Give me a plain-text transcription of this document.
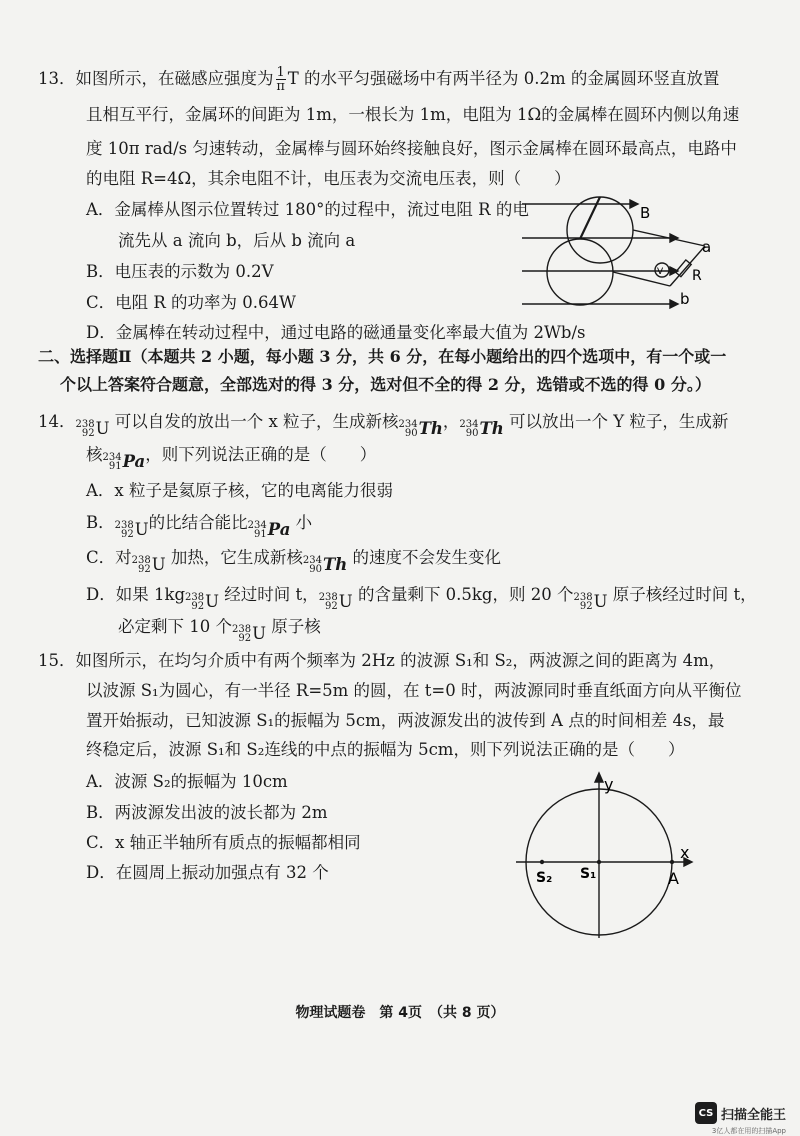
13．如图所示，在磁感应强度为 $\frac{1}{\pi}$ T 的水平匀强磁场中有两半径为 0.2m 的金属圆环竖直放置
且相互平行，金属环的间距为 1m，一根长为 1m，电阻为 1Ω的金属棒在圆环内侧以角速
度 10π rad/s 匀速转动，金属棒与圆环始终接触良好，图示金属棒在圆环最高点，电路中
的电阻 R=4Ω，其余电阻不计，电压表为交流电压表，则（　　）
A．金属棒从图示位置转过 180°的过程中，流过电阻 R 的电
流先从 a 流向 b，后从 b 流向 a
B．电压表的示数为 0.2V
C．电阻 R 的功率为 0.64W
D．金属棒在转动过程中，通过电路的磁通量变化率最大值为 2Wb/s
B
a
V R
b
二、选择题Ⅱ（本题共 2 小题，每小题 3 分，共 6 分，在每小题给出的四个选项中，有一个或一
个以上答案符合题意，全部选对的得 3 分，选对但不全的得 2 分，选错或不选的得 0 分。）
14． 238
92 U 可以自发的放出一个 x 粒子，生成新核 234
90 Th ， 234
90 Th 可以放出一个 Y 粒子，生成新
核 234
91 Pa ，则下列说法正确的是（　　）
A．x 粒子是氦原子核，它的电离能力很弱
B． 238
92 U 的比结合能比 234
91 Pa 小
C．对 238
92 U 加热，它生成新核 234
90 Th 的速度不会发生变化
D．如果 1kg 238
92 U 经过时间 t， 238
92 U 的含量剩下 0.5kg，则 20 个 238
92 U 原子核经过时间 t，
必定剩下 10 个 238
92 U 原子核
15．如图所示，在均匀介质中有两个频率为 2Hz 的波源 S₁和 S₂，两波源之间的距离为 4m，
以波源 S₁为圆心，有一半径 R=5m 的圆，在 t=0 时，两波源同时垂直纸面方向从平衡位
置开始振动，已知波源 S₁的振幅为 5cm，两波源发出的波传到 A 点的时间相差 4s，最
终稳定后，波源 S₁和 S₂连线的中点的振幅为 5cm，则下列说法正确的是（　　）
A．波源 S₂的振幅为 10cm
B．两波源发出波的波长都为 2m
C．x 轴正半轴所有质点的振幅都相同
D．在圆周上振动加强点有 32 个
y
x
S₂ S₁	A
物理试题卷　第 4页　（共 8 页）
CS 扫描全能王
3亿人都在用的扫描App
